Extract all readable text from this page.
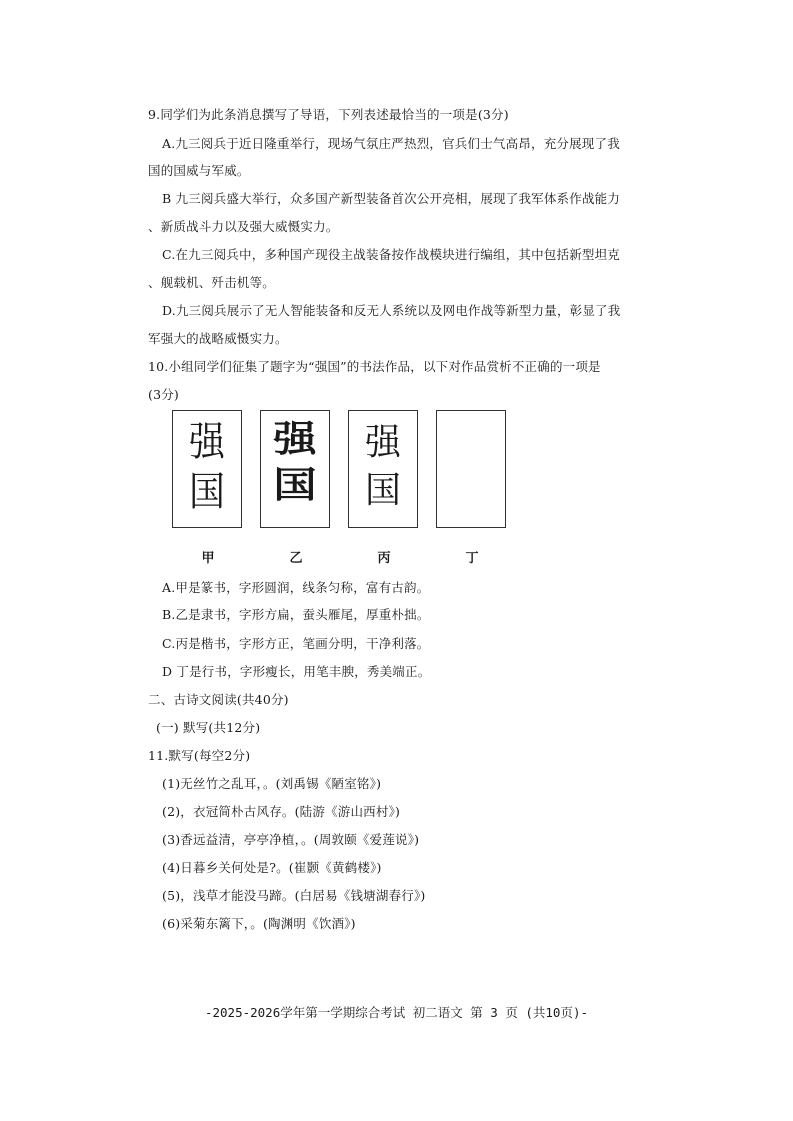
9.同学们为此条消息撰写了导语，下列表述最恰当的一项是(3分)
A.九三阅兵于近日隆重举行，现场气氛庄严热烈，官兵们士气高昂，充分展现了我
国的国威与军威。
B 九三阅兵盛大举行，众多国产新型装备首次公开亮相，展现了我军体系作战能力
、新质战斗力以及强大威慑实力。
C.在九三阅兵中，多种国产现役主战装备按作战模块进行编组，其中包括新型坦克
、舰载机、歼击机等。
D.九三阅兵展示了无人智能装备和反无人系统以及网电作战等新型力量，彰显了我
军强大的战略威慑实力。
10.小组同学们征集了题字为“强国”的书法作品，以下对作品赏析不正确的一项是
(3分)
强
国
强
国
强
国
甲	乙	丙	丁
A.甲是篆书，字形圆润，线条匀称，富有古韵。
B.乙是隶书，字形方扁，蚕头雁尾，厚重朴拙。
C.丙是楷书，字形方正，笔画分明，干净利落。
D 丁是行书，字形瘦长，用笔丰腴，秀美端正。
二、古诗文阅读(共40分)
(一) 默写(共12分)
11.默写(每空2分)
(1)无丝竹之乱耳，。(刘禹锡《陋室铭》)
(2)，衣冠简朴古风存。(陆游《游山西村》)
(3)香远益清，亭亭净植，。(周敦颐《爱莲说》)
(4)日暮乡关何处是?。(崔颢《黄鹤楼》)
(5)，浅草才能没马蹄。(白居易《钱塘湖春行》)
(6)采菊东篱下，。(陶渊明《饮酒》)
-2025-2026学年第一学期综合考试 初二语文 第 3 页 (共10页)-
